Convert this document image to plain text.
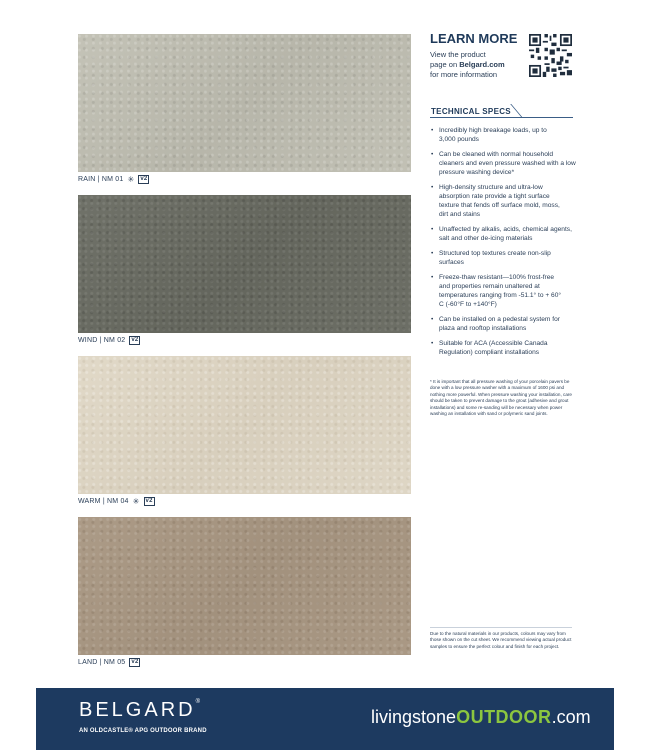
RAIN | NM 01 ✳	v2
WIND | NM 02	v2
WARM | NM 04 ✳	v2
LAND | NM 05	v2
LEARN MORE
View the product
page on Belgard.com
for more information
TECHNICAL SPECS
• Incredibly high breakage loads, up to 3,000 pounds
• Can be cleaned with normal household cleaners and even pressure washed with a low pressure washing device*
• High-density structure and ultra-low absorption rate provide a tight surface texture that fends off surface mold, moss, dirt and stains
• Unaffected by alkalis, acids, chemical agents, salt and other de-icing materials
• Structured top textures create non-slip surfaces
• Freeze-thaw resistant—100% frost-free and properties remain unaltered at temperatures ranging from -51.1° to + 60° C (-60°F to +140°F)
• Can be installed on a pedestal system for plaza and rooftop installations
• Suitable for ACA (Accessible Canada Regulation) compliant installations
* It is important that all pressure washing of your porcelain pavers be done with a low pressure washer with a maximum of 1600 psi and nothing more powerful. When pressure washing your installation, care should be taken to prevent damage to the grout (adhesive and grout installations) and some re-sanding will be necessary when power washing an installation with sand or polymeric sand joints.
Due to the natural materials in our products, colours may vary from those shown on the cut sheet. We recommend viewing actual product samples to ensure the perfect colour and finish for each project.
BELGARD®
AN OLDCASTLE® APG OUTDOOR BRAND
livingstoneOUTDOOR.com
